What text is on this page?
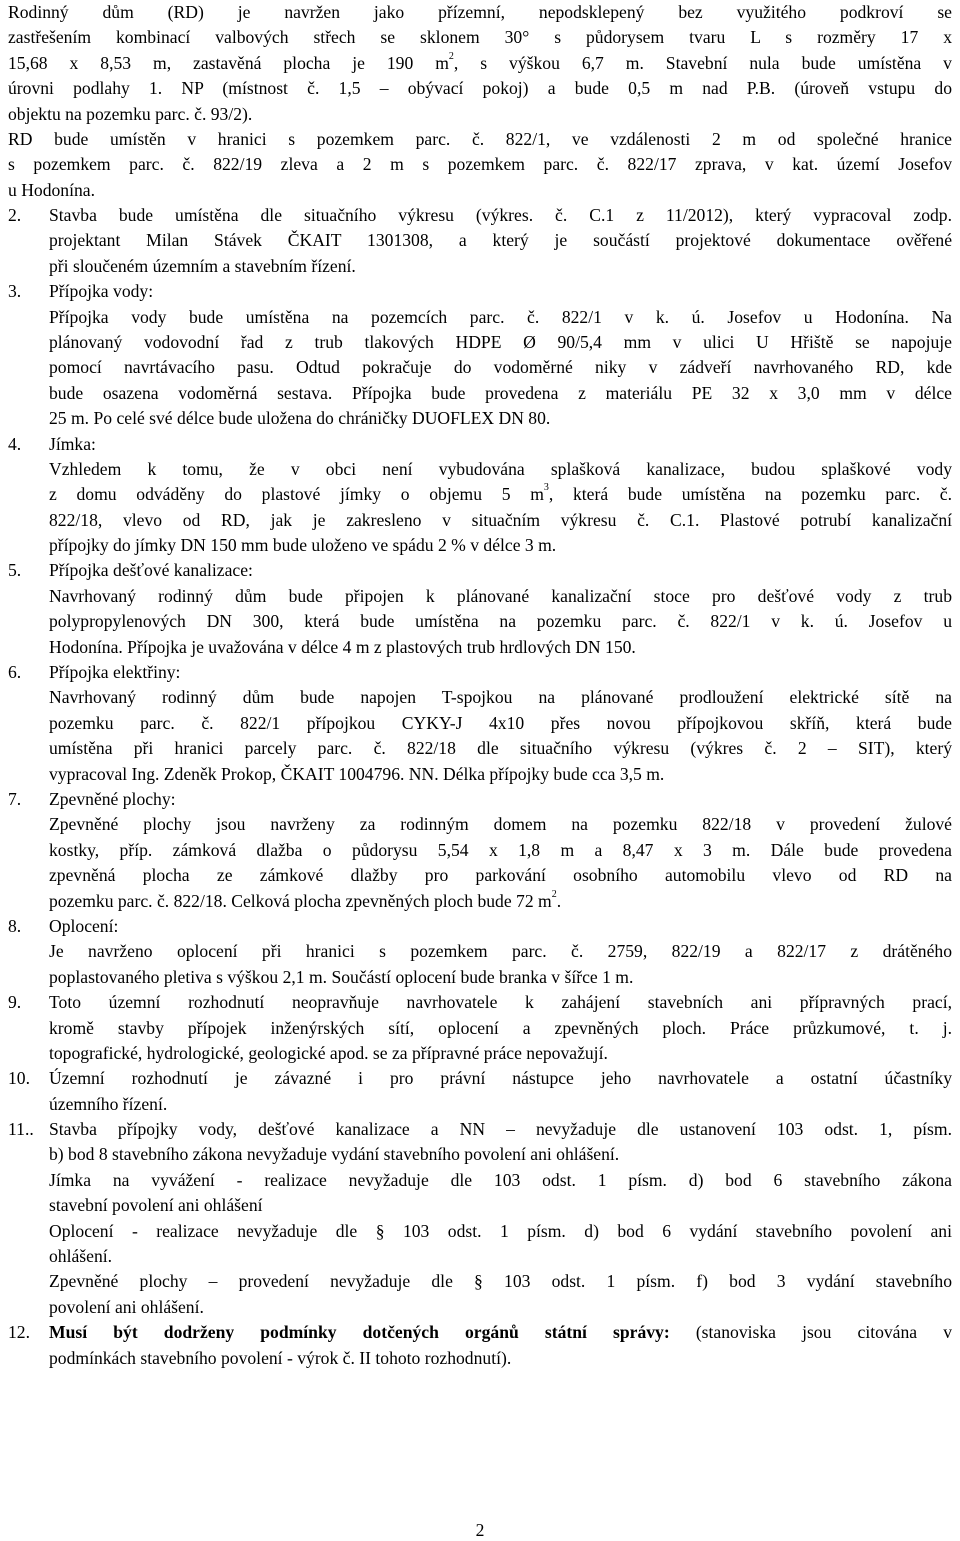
Rodinný dům (RD) je navržen jako přízemní, nepodsklepený bez využitého podkroví se
zastřešením kombinací valbových střech se sklonem 30° s půdorysem tvaru L s rozměry 17 x
15,68 x 8,53 m, zastavěná plocha je 190 $m^2$, s výškou 6,7 m. Stavební nula bude umístěna v
úrovni podlahy 1. NP (místnost č. 1,5 – obývací pokoj) a bude 0,5 m nad P.B. (úroveň vstupu do
objektu na pozemku parc. č. 93/2).
RD bude umístěn v hranici s pozemkem parc. č. 822/1, ve vzdálenosti 2 m od společné hranice
s pozemkem parc. č. 822/19 zleva a 2 m s pozemkem parc. č. 822/17 zprava, v kat. území Josefov
u Hodonína.
2.	Stavba bude umístěna dle situačního výkresu (výkres. č. C.1 z 11/2012), který vypracoval zodp.
projektant Milan Stávek ČKAIT 1301308, a který je součástí projektové dokumentace ověřené
při sloučeném územním a stavebním řízení.
3.	Přípojka vody:
Přípojka vody bude umístěna na pozemcích parc. č. 822/1 v k. ú. Josefov u Hodonína. Na
plánovaný vodovodní řad z trub tlakových HDPE Ø 90/5,4 mm v ulici U Hřiště se napojuje
pomocí navrtávacího pasu. Odtud pokračuje do vodoměrné niky v zádveří navrhovaného RD, kde
bude osazena vodoměrná sestava. Přípojka bude provedena z materiálu PE 32 x 3,0 mm v délce
25 m. Po celé své délce bude uložena do chráničky DUOFLEX DN 80.
4.	Jímka:
Vzhledem k tomu, že v obci není vybudována splašková kanalizace, budou splaškové vody
z domu odváděny do plastové jímky o objemu 5 $m^3$, která bude umístěna na pozemku parc. č.
822/18, vlevo od RD, jak je zakresleno v situačním výkresu č. C.1. Plastové potrubí kanalizační
přípojky do jímky DN 150 mm bude uloženo ve spádu 2 % v délce 3 m.
5.	Přípojka dešťové kanalizace:
Navrhovaný rodinný dům bude připojen k plánované kanalizační stoce pro dešťové vody z trub
polypropylenových DN 300, která bude umístěna na pozemku parc. č. 822/1 v k. ú. Josefov u
Hodonína. Přípojka je uvažována v délce 4 m z plastových trub hrdlových DN 150.
6.	Přípojka elektřiny:
Navrhovaný rodinný dům bude napojen T-spojkou na plánované prodloužení elektrické sítě na
pozemku parc. č. 822/1 přípojkou CYKY-J 4x10 přes novou přípojkovou skříň, která bude
umístěna při hranici parcely parc. č. 822/18 dle situačního výkresu (výkres č. 2 – SIT), který
vypracoval Ing. Zdeněk Prokop, ČKAIT 1004796. NN. Délka přípojky bude cca 3,5 m.
7.	Zpevněné plochy:
Zpevněné plochy jsou navrženy za rodinným domem na pozemku 822/18 v provedení žulové
kostky, příp. zámková dlažba o půdorysu 5,54 x 1,8 m a 8,47 x 3 m. Dále bude provedena
zpevněná plocha ze zámkové dlažby pro parkování osobního automobilu vlevo od RD na
pozemku parc. č. 822/18. Celková plocha zpevněných ploch bude 72 $m^2$.
8.	Oplocení:
Je navrženo oplocení při hranici s pozemkem parc. č. 2759, 822/19 a 822/17 z drátěného
poplastovaného pletiva s výškou 2,1 m. Součástí oplocení bude branka v šířce 1 m.
9.	Toto územní rozhodnutí neopravňuje navrhovatele k zahájení stavebních ani přípravných prací,
kromě stavby přípojek inženýrských sítí, oplocení a zpevněných ploch. Práce průzkumové, t. j.
topografické, hydrologické, geologické apod. se za přípravné práce nepovažují.
10.	Územní rozhodnutí je závazné i pro právní nástupce jeho navrhovatele a ostatní účastníky
územního řízení.
11.. Stavba přípojky vody, dešťové kanalizace a NN – nevyžaduje dle ustanovení 103 odst. 1, písm.
b) bod 8 stavebního zákona nevyžaduje vydání stavebního povolení ani ohlášení.
Jímka na vyvážení - realizace nevyžaduje dle 103 odst. 1 písm. d) bod 6 stavebního zákona
stavební povolení ani ohlášení
Oplocení - realizace nevyžaduje dle § 103 odst. 1 písm. d) bod 6 vydání stavebního povolení ani
ohlášení.
Zpevněné plochy – provedení nevyžaduje dle § 103 odst. 1 písm. f) bod 3 vydání stavebního
povolení ani ohlášení.
12.	Musí být dodrženy podmínky dotčených orgánů státní správy: (stanoviska jsou citována v
podmínkách stavebního povolení - výrok č. II tohoto rozhodnutí).
2
